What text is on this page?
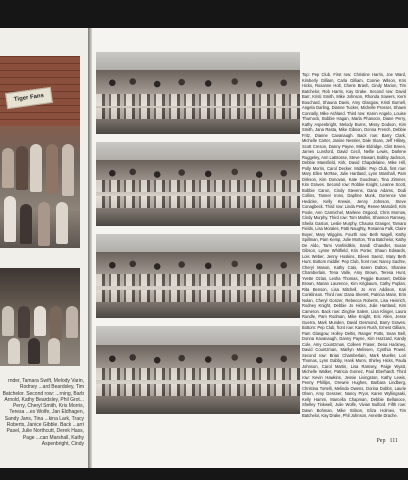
Tiger Fans
rnder, Tamara Swift, Melody Varin, Rodney ...ard Beardsley, Tim Batchelor. Second row: ...rning, Barb Arnold, Kathy Beardsley, Phil Grot... Perry, Cheryl Smith, Kris Morris, Teresa ...es Wolfe, Jan Eldhagen, Sandy Jans, Tina ...kina Lark, Tracy Roberts, Janice Gibble. Back ...arri Pasel, Julie Northcutt, Derek Hass, Page ...can Marshall, Kathy Aspenbright, Cindy
Top: Pep Club. First row: Christine Harris, Joe Ward, Kimberly Gilliam, Carla Gilliam, Connie Wilson, Kris Hicks, Roxanne Holt, Cherie Brash, Cindy Marion, Tim Batchelor, Rob Harris, Kay Drake. Second row: David Barr, Kristi Smith, Mike Johnson, Rhonda Sowers, Kerri Bouchard, Shauna Davis, Amy Glasgow, Kristi Burnell, Angela Darling, Dianne Tucker, Michelle Prosser, Shawn Connally, Mike Ashland. Third row: Karen Angelo, Louise Thurnock, Bobbie Hagan, Marla Phanoon, Diane Perry, Kathy Aspenbright, Melody Burns, Missy Dodson, Kim Smith, Jana Rasta, Mike Gibson, Donna French, Debbie Fritz, Dianne Cavanaugh. Back row: Barry Clark, Michelle Carter, Janine Nessler, Dale Sloan, Jeff Hillary, Scott Creson, Danny Payne, Mike Eldridge, Clint Breen, James Lunsford, David Cecil, Nellie Lewis, Darlene Ruggeley, Ann LaBrosse, Steve Stewart, Bobby Jackson, Debbie Mansfield, Kirk, David Chapdelaine, Mike Hill, Polly Morris, Carol Decker. Middle: Pep Club, first row: Mary Ellen McRae, Julie Hartland, Lynn Marshall, Pam Dirkson, Kim Donovan, Kate Goodman, Tina Zimmer, Kim Graves. Second row: Robbie Knight, Leanne Scott, Bobbie Caron, Cindy Stevens, Dana Adams, Dodi Collins, Tanner Irons, Daphne Munk, Dorrence Van Hedicke, Kelly Krewin, Jenny Johnson, Steve Conagbeck. Third row: Linda Petty, Renee Marsdell, Kim Poole, Ann Carmichel, Marlene Osgood, Chris Morrow, Cindy Murphy. Third row: Tom Mathis, Shannon Ramsey, Sheila Gaston, Leslie Murphy, Chauna Granger, Tamara Fields, Lisa Morales, Patti Naughty, Rosanna Falk, Claire Boyer, Mary Wiggins. Fourth row: Beth Nagell, Kathy Spillman, Pam Kemp, Julie Morton, Tina Batchelor, Kathy De Aldo, Tami Vonfeldtkin, Sandi Chandler, Susan Gibson, Lynne Whitfield, Kris Porter, Shaun Edwards, Lois Weber, Jenny Hoskins, Eileen Saenz, Mary Beth Hunt. Bottom middle: Pep Club, front row: Nancy Sachte, Cheryl Mason, Kathy Cato, Karen Dalton, Shanise Chamberlain, Tena Valle, Amy Brown, Teresa Hunt, Yvette Ozias, Lesha Thomas, Peggie Bussert, Debbie Brown, Marian Laurence, Kim Krigbaum, Cathy Poplan, Rita Benson, Lisa Mitchell, Jo Ann Addison, Kari Conklinson. Third row: Dana Skerett, Patricia Mann, Erin Nolan, Cheryl Gonzer, Rebecca Roberts, Lisa Heinrich, Rodney Knight, Debbie Jo Hicks, Julie Hartland, Kim Cameron. Back row: Zinghie Salem, Lisa Klinger, Laura Rundle, Pam Rodman, Mike Knight, Eric Allen, Jesse Guerra, Mark Munden, David Desmond, Barry Graves. Bottom: Pep Club, front row: Karen Rush, Ernest Gilliam, Pam Glasgow, Holley Deltis, Ranger Potts, Sean Bell, Donna Kavanaugh, Danny Payne, Kim Hazzard, Kandy Cole, Amy Countzman, Colleen Fraser, Dena Hackney, David Countzman, Marilyn Melissen, Cynthia Powel. Second row: Brian Chamberlain, Mark Mueller, Lori Thomas, Lynn Gabby, Hank Munn, Shirley Hicks, Paula Johnson, Carol Martin, Lisa Ramsey, Paige Wyatt, Michelle Walker, Patricia Gomez, Paul Eberhardt. Third row: Kevin Hawkins, Jessie Livingston, Kathy Lewis, Penny Phillips, Orewrie Hughes, Barbara Lindberg, Christina Tortelli, Melinda Owens, Dorina Dobbs, Laurie Olsen, Amy Gessner, Nancy Pryor, Karen Wyllingsaki, Kelly Hamm, Marcella Chapman, Debbie Bellanoce, Shelley Tinkwell, Julie Wolfe, Vivian Bulford. Fifth row: Dawn Bohman, Mike Stilson, Eliza Holmes, Tim Batchelor, Kay Drake, Phil Johnson, Annette Drache.
Pep 111
